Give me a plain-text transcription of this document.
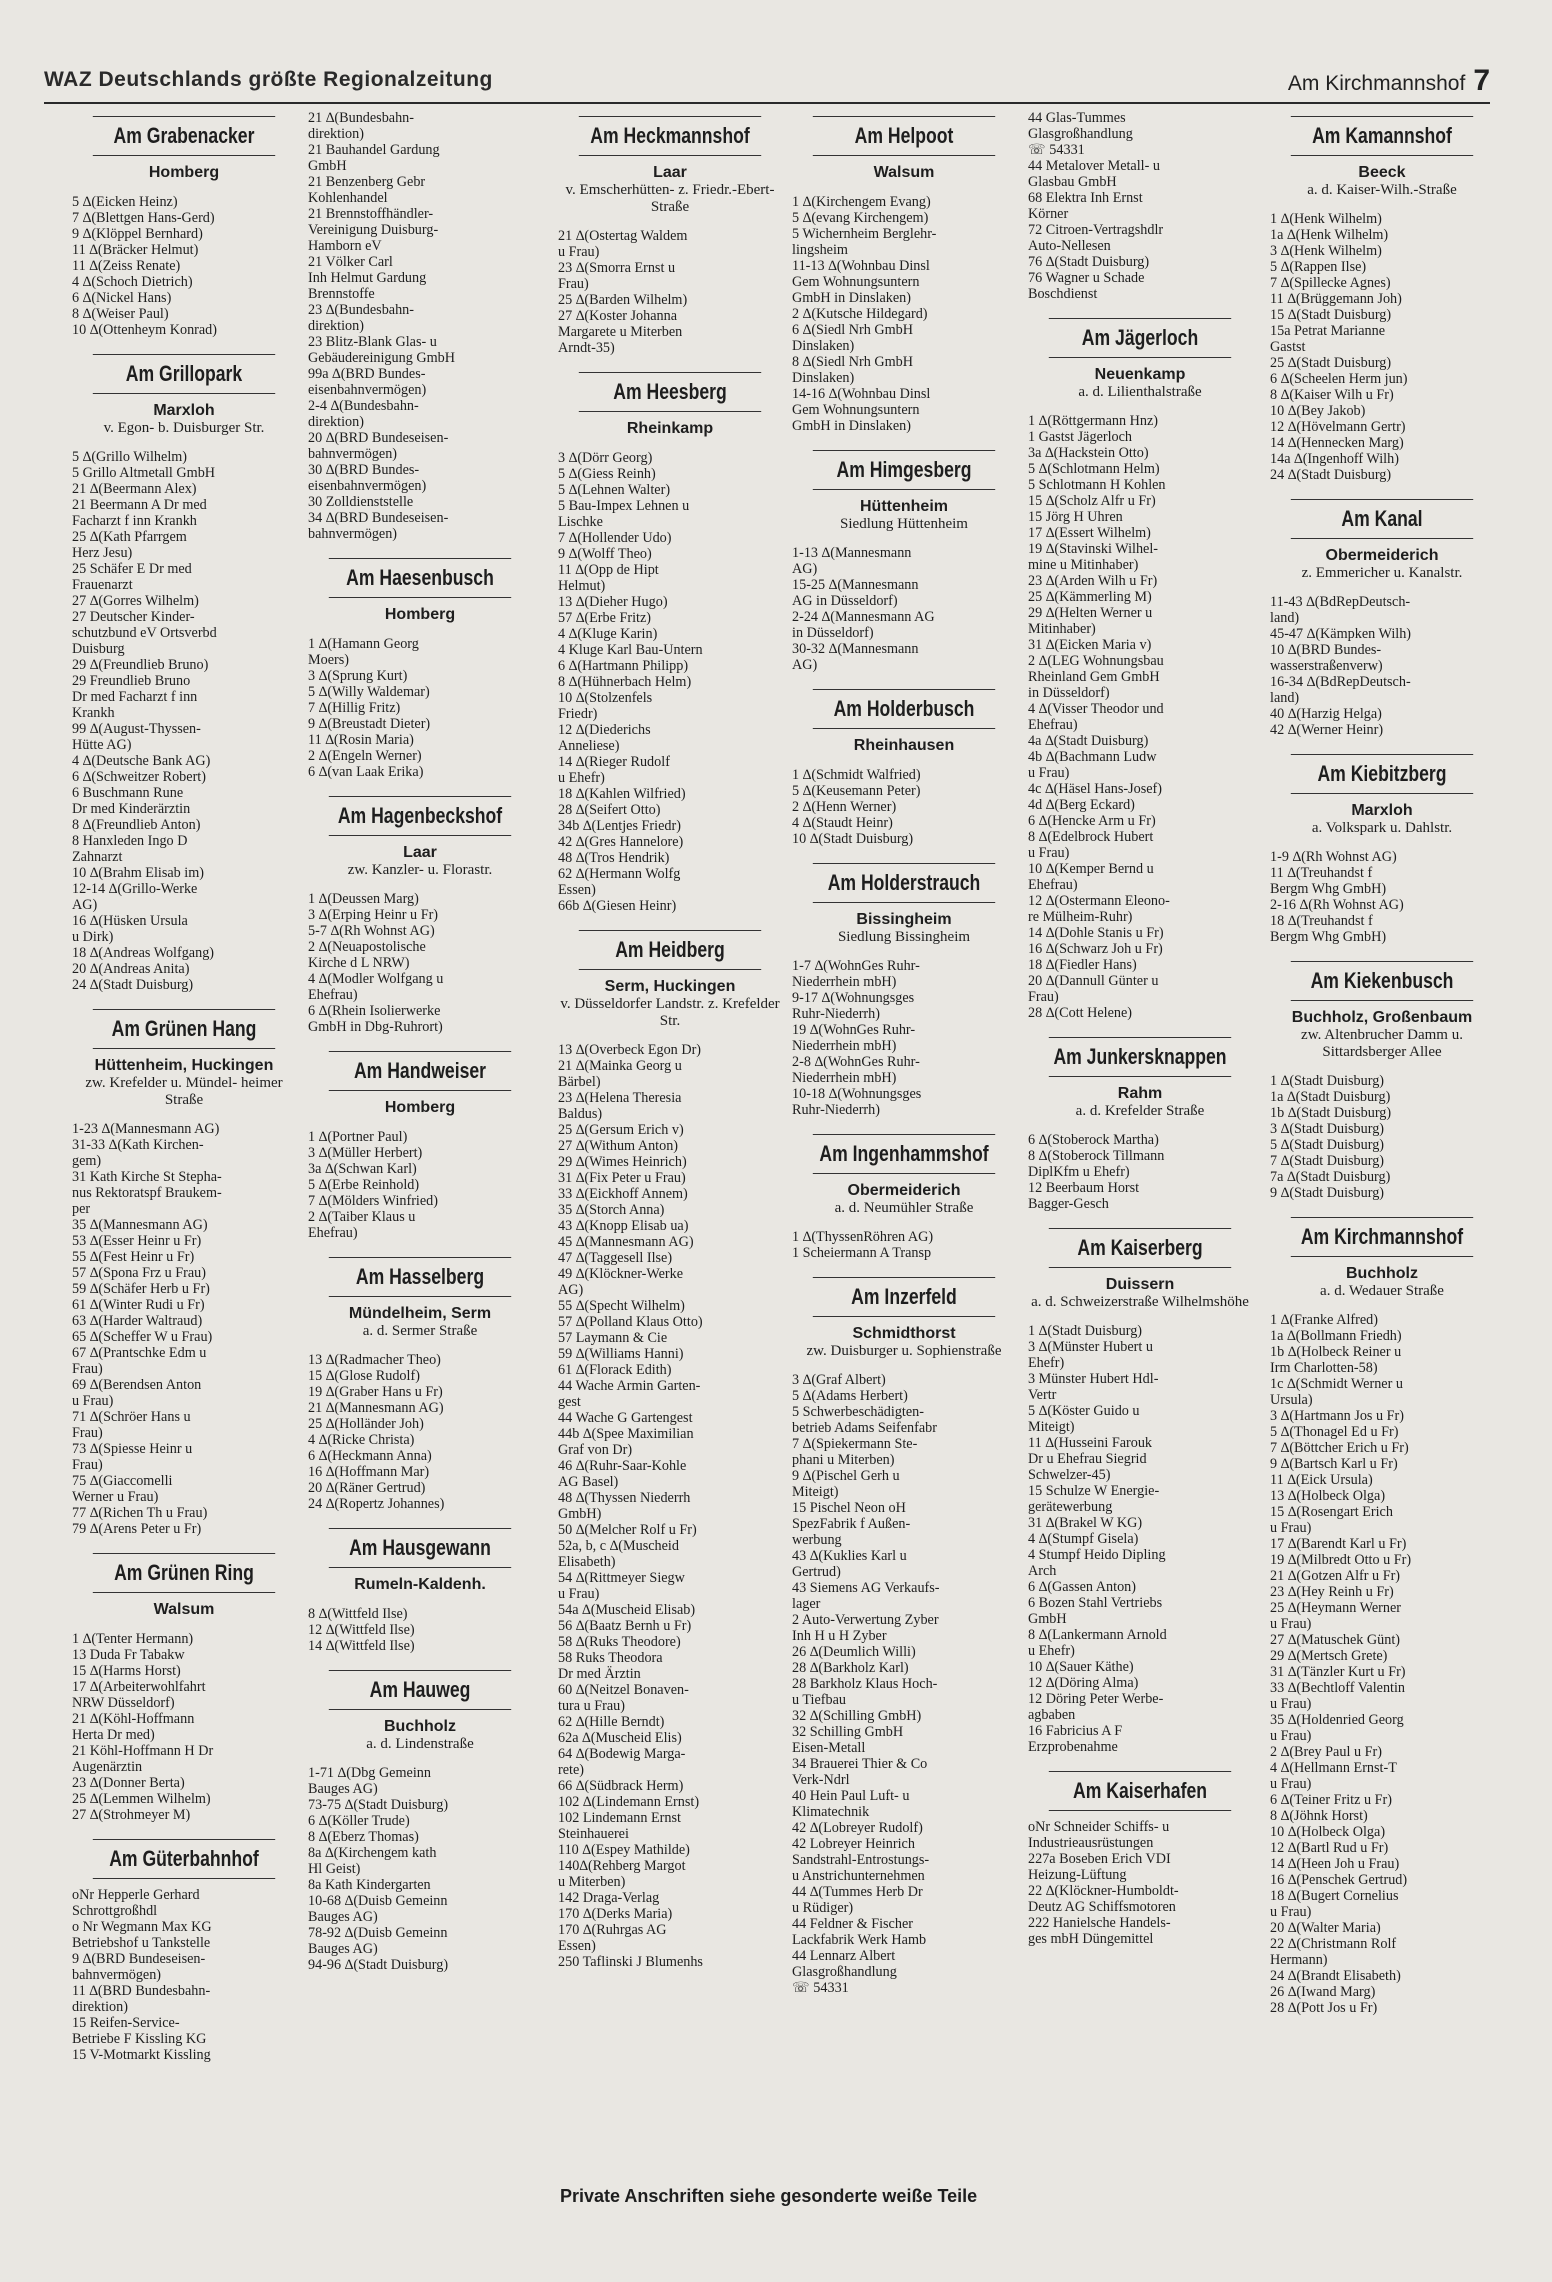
WAZ Deutschlands größte Regionalzeitung	Am Kirchmannshof 7
Am Grabenacker
Homberg
5 ∆(Eicken Heinz)
7 ∆(Blettgen Hans-Gerd)
9 ∆(Klöppel Bernhard)
11 ∆(Bräcker Helmut)
11 ∆(Zeiss Renate)
4 ∆(Schoch Dietrich)
6 ∆(Nickel Hans)
8 ∆(Weiser Paul)
10 ∆(Ottenheym Konrad)
Am Grillopark
Marxloh
v. Egon- b. Duisburger Str.
5 ∆(Grillo Wilhelm)
5 Grillo Altmetall GmbH
21 ∆(Beermann Alex)
21 Beermann A Dr med
Facharzt f inn Krankh
25 ∆(Kath Pfarrgem
Herz Jesu)
25 Schäfer E Dr med
Frauenarzt
27 ∆(Gorres Wilhelm)
27 Deutscher Kinder-
schutzbund eV Ortsverbd
Duisburg
29 ∆(Freundlieb Bruno)
29 Freundlieb Bruno
Dr med Facharzt f inn
Krankh
99 ∆(August-Thyssen-
Hütte AG)
4 ∆(Deutsche Bank AG)
6 ∆(Schweitzer Robert)
6 Buschmann Rune
Dr med Kinderärztin
8 ∆(Freundlieb Anton)
8 Hanxleden Ingo D
Zahnarzt
10 ∆(Brahm Elisab im)
12-14 ∆(Grillo-Werke
AG)
16 ∆(Hüsken Ursula
u Dirk)
18 ∆(Andreas Wolfgang)
20 ∆(Andreas Anita)
24 ∆(Stadt Duisburg)
Am Grünen Hang
Hüttenheim, Huckingen
zw. Krefelder u. Mündel- heimer Straße
1-23 ∆(Mannesmann AG)
31-33 ∆(Kath Kirchen-
gem)
31 Kath Kirche St Stepha-
nus Rektoratspf Braukem-
per
35 ∆(Mannesmann AG)
53 ∆(Esser Heinr u Fr)
55 ∆(Fest Heinr u Fr)
57 ∆(Spona Frz u Frau)
59 ∆(Schäfer Herb u Fr)
61 ∆(Winter Rudi u Fr)
63 ∆(Harder Waltraud)
65 ∆(Scheffer W u Frau)
67 ∆(Prantschke Edm u
Frau)
69 ∆(Berendsen Anton
u Frau)
71 ∆(Schröer Hans u
Frau)
73 ∆(Spiesse Heinr u
Frau)
75 ∆(Giaccomelli
Werner u Frau)
77 ∆(Richen Th u Frau)
79 ∆(Arens Peter u Fr)
Am Grünen Ring
Walsum
1 ∆(Tenter Hermann)
13 Duda Fr Tabakw
15 ∆(Harms Horst)
17 ∆(Arbeiterwohlfahrt
NRW Düsseldorf)
21 ∆(Köhl-Hoffmann
Herta Dr med)
21 Köhl-Hoffmann H Dr
Augenärztin
23 ∆(Donner Berta)
25 ∆(Lemmen Wilhelm)
27 ∆(Strohmeyer M)
Am Güterbahnhof
oNr Hepperle Gerhard
Schrottgroßhdl
o Nr Wegmann Max KG
Betriebshof u Tankstelle
9 ∆(BRD Bundeseisen-
bahnvermögen)
11 ∆(BRD Bundesbahn-
direktion)
15 Reifen-Service-
Betriebe F Kissling KG
15 V-Motmarkt Kissling
21 ∆(Bundesbahn-
direktion)
21 Bauhandel Gardung
GmbH
21 Benzenberg Gebr
Kohlenhandel
21 Brennstoffhändler-
Vereinigung Duisburg-
Hamborn eV
21 Völker Carl
Inh Helmut Gardung
Brennstoffe
23 ∆(Bundesbahn-
direktion)
23 Blitz-Blank Glas- u
Gebäudereinigung GmbH
99a ∆(BRD Bundes-
eisenbahnvermögen)
2-4 ∆(Bundesbahn-
direktion)
20 ∆(BRD Bundeseisen-
bahnvermögen)
30 ∆(BRD Bundes-
eisenbahnvermögen)
30 Zolldienststelle
34 ∆(BRD Bundeseisen-
bahnvermögen)
Am Haesenbusch
Homberg
1 ∆(Hamann Georg
Moers)
3 ∆(Sprung Kurt)
5 ∆(Willy Waldemar)
7 ∆(Hillig Fritz)
9 ∆(Breustadt Dieter)
11 ∆(Rosin Maria)
2 ∆(Engeln Werner)
6 ∆(van Laak Erika)
Am Hagenbeckshof
Laar
zw. Kanzler- u. Florastr.
1 ∆(Deussen Marg)
3 ∆(Erping Heinr u Fr)
5-7 ∆(Rh Wohnst AG)
2 ∆(Neuapostolische
Kirche d L NRW)
4 ∆(Modler Wolfgang u
Ehefrau)
6 ∆(Rhein Isolierwerke
GmbH in Dbg-Ruhrort)
Am Handweiser
Homberg
1 ∆(Portner Paul)
3 ∆(Müller Herbert)
3a ∆(Schwan Karl)
5 ∆(Erbe Reinhold)
7 ∆(Mölders Winfried)
2 ∆(Taiber Klaus u
Ehefrau)
Am Hasselberg
Mündelheim, Serm
a. d. Sermer Straße
13 ∆(Radmacher Theo)
15 ∆(Glose Rudolf)
19 ∆(Graber Hans u Fr)
21 ∆(Mannesmann AG)
25 ∆(Holländer Joh)
4 ∆(Ricke Christa)
6 ∆(Heckmann Anna)
16 ∆(Hoffmann Mar)
20 ∆(Räner Gertrud)
24 ∆(Ropertz Johannes)
Am Hausgewann
Rumeln-Kaldenh.
8 ∆(Wittfeld Ilse)
12 ∆(Wittfeld Ilse)
14 ∆(Wittfeld Ilse)
Am Hauweg
Buchholz
a. d. Lindenstraße
1-71 ∆(Dbg Gemeinn
Bauges AG)
73-75 ∆(Stadt Duisburg)
6 ∆(Köller Trude)
8 ∆(Eberz Thomas)
8a ∆(Kirchengem kath
Hl Geist)
8a Kath Kindergarten
10-68 ∆(Duisb Gemeinn
Bauges AG)
78-92 ∆(Duisb Gemeinn
Bauges AG)
94-96 ∆(Stadt Duisburg)
Am Heckmannshof
Laar
v. Emscherhütten- z. Friedr.-Ebert-Straße
21 ∆(Ostertag Waldem
u Frau)
23 ∆(Smorra Ernst u
Frau)
25 ∆(Barden Wilhelm)
27 ∆(Koster Johanna
Margarete u Miterben
Arndt-35)
Am Heesberg
Rheinkamp
3 ∆(Dörr Georg)
5 ∆(Giess Reinh)
5 ∆(Lehnen Walter)
5 Bau-Impex Lehnen u
Lischke
7 ∆(Hollender Udo)
9 ∆(Wolff Theo)
11 ∆(Opp de Hipt
Helmut)
13 ∆(Dieher Hugo)
57 ∆(Erbe Fritz)
4 ∆(Kluge Karin)
4 Kluge Karl Bau-Untern
6 ∆(Hartmann Philipp)
8 ∆(Hühnerbach Helm)
10 ∆(Stolzenfels
Friedr)
12 ∆(Diederichs
Anneliese)
14 ∆(Rieger Rudolf
u Ehefr)
18 ∆(Kahlen Wilfried)
28 ∆(Seifert Otto)
34b ∆(Lentjes Friedr)
42 ∆(Gres Hannelore)
48 ∆(Tros Hendrik)
62 ∆(Hermann Wolfg
Essen)
66b ∆(Giesen Heinr)
Am Heidberg
Serm, Huckingen
v. Düsseldorfer Landstr. z. Krefelder Str.
13 ∆(Overbeck Egon Dr)
21 ∆(Mainka Georg u
Bärbel)
23 ∆(Helena Theresia
Baldus)
25 ∆(Gersum Erich v)
27 ∆(Withum Anton)
29 ∆(Wimes Heinrich)
31 ∆(Fix Peter u Frau)
33 ∆(Eickhoff Annem)
35 ∆(Storch Anna)
43 ∆(Knopp Elisab ua)
45 ∆(Mannesmann AG)
47 ∆(Taggesell Ilse)
49 ∆(Klöckner-Werke
AG)
55 ∆(Specht Wilhelm)
57 ∆(Polland Klaus Otto)
57 Laymann & Cie
59 ∆(Williams Hanni)
61 ∆(Florack Edith)
44 Wache Armin Garten-
gest
44 Wache G Gartengest
44b ∆(Spee Maximilian
Graf von Dr)
46 ∆(Ruhr-Saar-Kohle
AG Basel)
48 ∆(Thyssen Niederrh
GmbH)
50 ∆(Melcher Rolf u Fr)
52a, b, c ∆(Muscheid
Elisabeth)
54 ∆(Rittmeyer Siegw
u Frau)
54a ∆(Muscheid Elisab)
56 ∆(Baatz Bernh u Fr)
58 ∆(Ruks Theodore)
58 Ruks Theodora
Dr med Ärztin
60 ∆(Neitzel Bonaven-
tura u Frau)
62 ∆(Hille Berndt)
62a ∆(Muscheid Elis)
64 ∆(Bodewig Marga-
rete)
66 ∆(Südbrack Herm)
102 ∆(Lindemann Ernst)
102 Lindemann Ernst
Steinhauerei
110 ∆(Espey Mathilde)
140∆(Rehberg Margot
u Miterben)
142 Draga-Verlag
170 ∆(Derks Maria)
170 ∆(Ruhrgas AG
Essen)
250 Taflinski J Blumenhs
Am Helpoot
Walsum
1 ∆(Kirchengem Evang)
5 ∆(evang Kirchengem)
5 Wichernheim Berglehr-
lingsheim
11-13 ∆(Wohnbau Dinsl
Gem Wohnungsuntern
GmbH in Dinslaken)
2 ∆(Kutsche Hildegard)
6 ∆(Siedl Nrh GmbH
Dinslaken)
8 ∆(Siedl Nrh GmbH
Dinslaken)
14-16 ∆(Wohnbau Dinsl
Gem Wohnungsuntern
GmbH in Dinslaken)
Am Himgesberg
Hüttenheim
Siedlung Hüttenheim
1-13 ∆(Mannesmann
AG)
15-25 ∆(Mannesmann
AG in Düsseldorf)
2-24 ∆(Mannesmann AG
in Düsseldorf)
30-32 ∆(Mannesmann
AG)
Am Holderbusch
Rheinhausen
1 ∆(Schmidt Walfried)
5 ∆(Keusemann Peter)
2 ∆(Henn Werner)
4 ∆(Staudt Heinr)
10 ∆(Stadt Duisburg)
Am Holderstrauch
Bissingheim
Siedlung Bissingheim
1-7 ∆(WohnGes Ruhr-
Niederrhein mbH)
9-17 ∆(Wohnungsges
Ruhr-Niederrh)
19 ∆(WohnGes Ruhr-
Niederrhein mbH)
2-8 ∆(WohnGes Ruhr-
Niederrhein mbH)
10-18 ∆(Wohnungsges
Ruhr-Niederrh)
Am Ingenhammshof
Obermeiderich
a. d. Neumühler Straße
1 ∆(ThyssenRöhren AG)
1 Scheiermann A Transp
Am Inzerfeld
Schmidthorst
zw. Duisburger u. Sophienstraße
3 ∆(Graf Albert)
5 ∆(Adams Herbert)
5 Schwerbeschädigten-
betrieb Adams Seifenfabr
7 ∆(Spiekermann Ste-
phani u Miterben)
9 ∆(Pischel Gerh u
Miteigt)
15 Pischel Neon oH
SpezFabrik f Außen-
werbung
43 ∆(Kuklies Karl u
Gertrud)
43 Siemens AG Verkaufs-
lager
2 Auto-Verwertung Zyber
Inh H u H Zyber
26 ∆(Deumlich Willi)
28 ∆(Barkholz Karl)
28 Barkholz Klaus Hoch-
u Tiefbau
32 ∆(Schilling GmbH)
32 Schilling GmbH
Eisen-Metall
34 Brauerei Thier & Co
Verk-Ndrl
40 Hein Paul Luft- u
Klimatechnik
42 ∆(Lobreyer Rudolf)
42 Lobreyer Heinrich
Sandstrahl-Entrostungs-
u Anstrichunternehmen
44 ∆(Tummes Herb Dr
u Rüdiger)
44 Feldner & Fischer
Lackfabrik Werk Hamb
44 Lennarz Albert
Glasgroßhandlung
☏ 54331
44 Glas-Tummes
Glasgroßhandlung
☏ 54331
44 Metalover Metall- u
Glasbau GmbH
68 Elektra Inh Ernst
Körner
72 Citroen-Vertragshdlr
Auto-Nellesen
76 ∆(Stadt Duisburg)
76 Wagner u Schade
Boschdienst
Am Jägerloch
Neuenkamp
a. d. Lilienthalstraße
1 ∆(Röttgermann Hnz)
1 Gastst Jägerloch
3a ∆(Hackstein Otto)
5 ∆(Schlotmann Helm)
5 Schlotmann H Kohlen
15 ∆(Scholz Alfr u Fr)
15 Jörg H Uhren
17 ∆(Essert Wilhelm)
19 ∆(Stavinski Wilhel-
mine u Mitinhaber)
23 ∆(Arden Wilh u Fr)
25 ∆(Kämmerling M)
29 ∆(Helten Werner u
Mitinhaber)
31 ∆(Eicken Maria v)
2 ∆(LEG Wohnungsbau
Rheinland Gem GmbH
in Düsseldorf)
4 ∆(Visser Theodor und
Ehefrau)
4a ∆(Stadt Duisburg)
4b ∆(Bachmann Ludw
u Frau)
4c ∆(Häsel Hans-Josef)
4d ∆(Berg Eckard)
6 ∆(Hencke Arm u Fr)
8 ∆(Edelbrock Hubert
u Frau)
10 ∆(Kemper Bernd u
Ehefrau)
12 ∆(Ostermann Eleono-
re Mülheim-Ruhr)
14 ∆(Dohle Stanis u Fr)
16 ∆(Schwarz Joh u Fr)
18 ∆(Fiedler Hans)
20 ∆(Dannull Günter u
Frau)
28 ∆(Cott Helene)
Am Junkersknappen
Rahm
a. d. Krefelder Straße
6 ∆(Stoberock Martha)
8 ∆(Stoberock Tillmann
DiplKfm u Ehefr)
12 Beerbaum Horst
Bagger-Gesch
Am Kaiserberg
Duissern
a. d. Schweizerstraße Wilhelmshöhe
1 ∆(Stadt Duisburg)
3 ∆(Münster Hubert u
Ehefr)
3 Münster Hubert Hdl-
Vertr
5 ∆(Köster Guido u
Miteigt)
11 ∆(Husseini Farouk
Dr u Ehefrau Siegrid
Schwelzer-45)
15 Schulze W Energie-
gerätewerbung
31 ∆(Brakel W KG)
4 ∆(Stumpf Gisela)
4 Stumpf Heido Dipling
Arch
6 ∆(Gassen Anton)
6 Bozen Stahl Vertriebs
GmbH
8 ∆(Lankermann Arnold
u Ehefr)
10 ∆(Sauer Käthe)
12 ∆(Döring Alma)
12 Döring Peter Werbe-
agbaben
16 Fabricius A F
Erzprobenahme
Am Kaiserhafen
oNr Schneider Schiffs- u
Industrieausrüstungen
227a Boseben Erich VDI
Heizung-Lüftung
22 ∆(Klöckner-Humboldt-
Deutz AG Schiffsmotoren
222 Hanielsche Handels-
ges mbH Düngemittel
Am Kamannshof
Beeck
a. d. Kaiser-Wilh.-Straße
1 ∆(Henk Wilhelm)
1a ∆(Henk Wilhelm)
3 ∆(Henk Wilhelm)
5 ∆(Rappen Ilse)
7 ∆(Spillecke Agnes)
11 ∆(Brüggemann Joh)
15 ∆(Stadt Duisburg)
15a Petrat Marianne
Gastst
25 ∆(Stadt Duisburg)
6 ∆(Scheelen Herm jun)
8 ∆(Kaiser Wilh u Fr)
10 ∆(Bey Jakob)
12 ∆(Hövelmann Gertr)
14 ∆(Hennecken Marg)
14a ∆(Ingenhoff Wilh)
24 ∆(Stadt Duisburg)
Am Kanal
Obermeiderich
z. Emmericher u. Kanalstr.
11-43 ∆(BdRepDeutsch-
land)
45-47 ∆(Kämpken Wilh)
10 ∆(BRD Bundes-
wasserstraßenverw)
16-34 ∆(BdRepDeutsch-
land)
40 ∆(Harzig Helga)
42 ∆(Werner Heinr)
Am Kiebitzberg
Marxloh
a. Volkspark u. Dahlstr.
1-9 ∆(Rh Wohnst AG)
11 ∆(Treuhandst f
Bergm Whg GmbH)
2-16 ∆(Rh Wohnst AG)
18 ∆(Treuhandst f
Bergm Whg GmbH)
Am Kiekenbusch
Buchholz, Großenbaum
zw. Altenbrucher Damm u. Sittardsberger Allee
1 ∆(Stadt Duisburg)
1a ∆(Stadt Duisburg)
1b ∆(Stadt Duisburg)
3 ∆(Stadt Duisburg)
5 ∆(Stadt Duisburg)
7 ∆(Stadt Duisburg)
7a ∆(Stadt Duisburg)
9 ∆(Stadt Duisburg)
Am Kirchmannshof
Buchholz
a. d. Wedauer Straße
1 ∆(Franke Alfred)
1a ∆(Bollmann Friedh)
1b ∆(Holbeck Reiner u
Irm Charlotten-58)
1c ∆(Schmidt Werner u
Ursula)
3 ∆(Hartmann Jos u Fr)
5 ∆(Thonagel Ed u Fr)
7 ∆(Böttcher Erich u Fr)
9 ∆(Bartsch Karl u Fr)
11 ∆(Eick Ursula)
13 ∆(Holbeck Olga)
15 ∆(Rosengart Erich
u Frau)
17 ∆(Barendt Karl u Fr)
19 ∆(Milbredt Otto u Fr)
21 ∆(Gotzen Alfr u Fr)
23 ∆(Hey Reinh u Fr)
25 ∆(Heymann Werner
u Frau)
27 ∆(Matuschek Günt)
29 ∆(Mertsch Grete)
31 ∆(Tänzler Kurt u Fr)
33 ∆(Bechtloff Valentin
u Frau)
35 ∆(Holdenried Georg
u Frau)
2 ∆(Brey Paul u Fr)
4 ∆(Hellmann Ernst-T
u Frau)
6 ∆(Teiner Fritz u Fr)
8 ∆(Jöhnk Horst)
10 ∆(Holbeck Olga)
12 ∆(Bartl Rud u Fr)
14 ∆(Heen Joh u Frau)
16 ∆(Penschek Gertrud)
18 ∆(Bugert Cornelius
u Frau)
20 ∆(Walter Maria)
22 ∆(Christmann Rolf
Hermann)
24 ∆(Brandt Elisabeth)
26 ∆(Iwand Marg)
28 ∆(Pott Jos u Fr)
Private Anschriften siehe gesonderte weiße Teile
